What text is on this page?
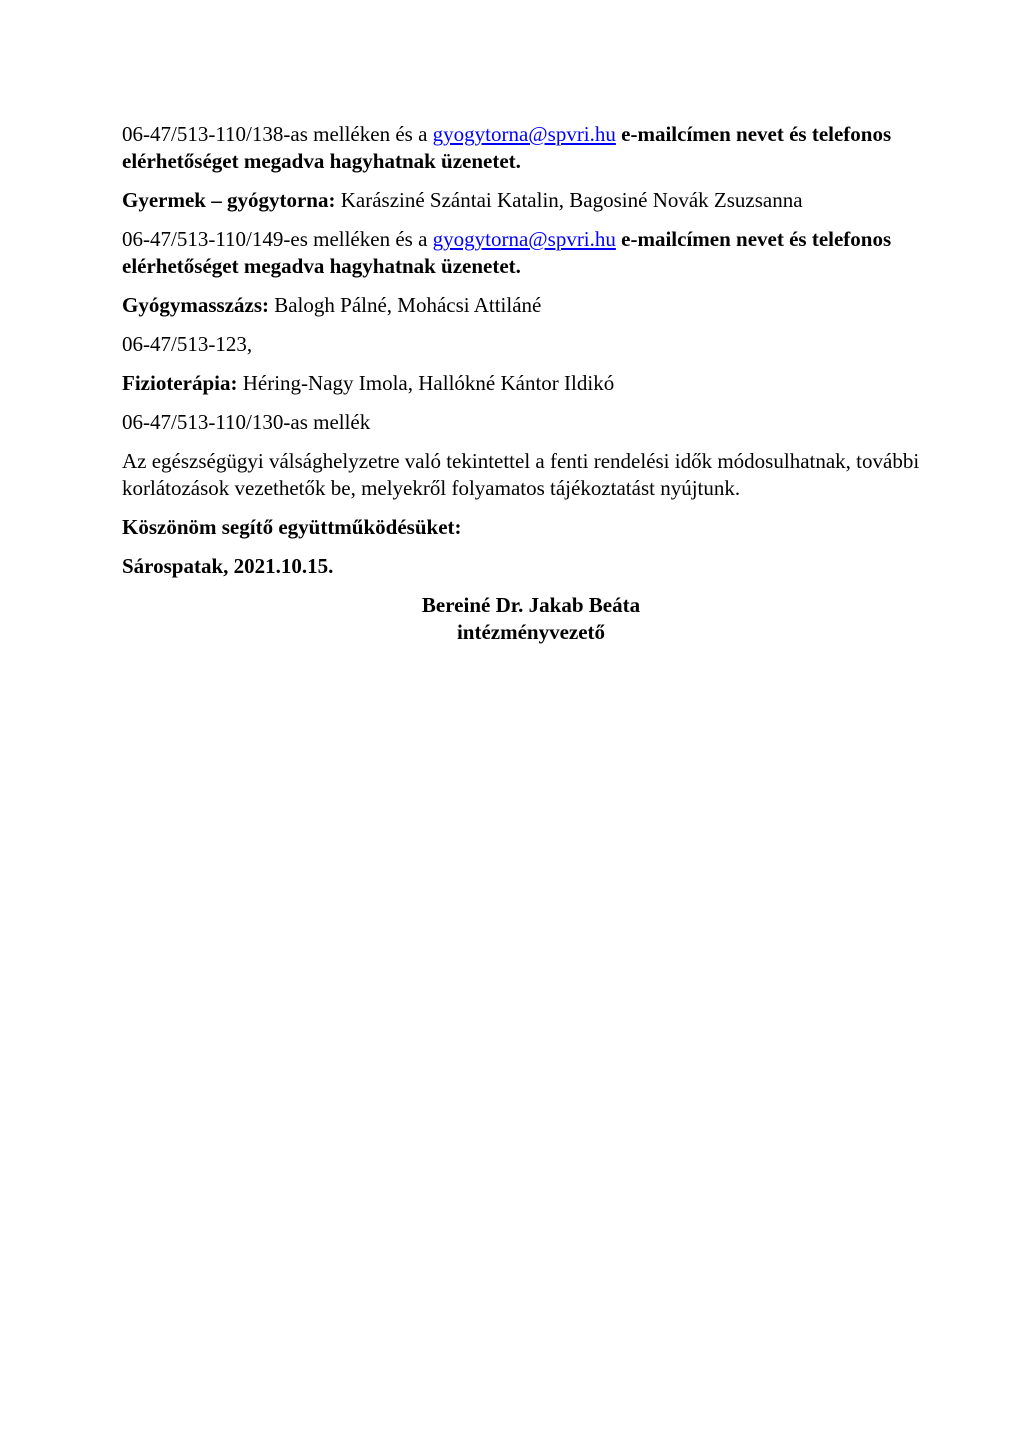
06-47/513-110/138-as melléken és a gyogytorna@spvri.hu e-mailcímen nevet és telefonos elérhetőséget megadva hagyhatnak üzenetet.

Gyermek – gyógytorna: Karásziné Szántai Katalin, Bagosiné Novák Zsuzsanna

06-47/513-110/149-es melléken és a gyogytorna@spvri.hu e-mailcímen nevet és telefonos elérhetőséget megadva hagyhatnak üzenetet.

Gyógymasszázs: Balogh Pálné, Mohácsi Attiláné

06-47/513-123,

Fizioterápia: Héring-Nagy Imola, Hallókné Kántor Ildikó

06-47/513-110/130-as mellék

Az egészségügyi válsághelyzetre való tekintettel a fenti rendelési idők módosulhatnak, további korlátozások vezethetők be, melyekről folyamatos tájékoztatást nyújtunk.

Köszönöm segítő együttműködésüket:

Sárospatak, 2021.10.15.

Bereiné Dr. Jakab Beáta
intézményvezető
